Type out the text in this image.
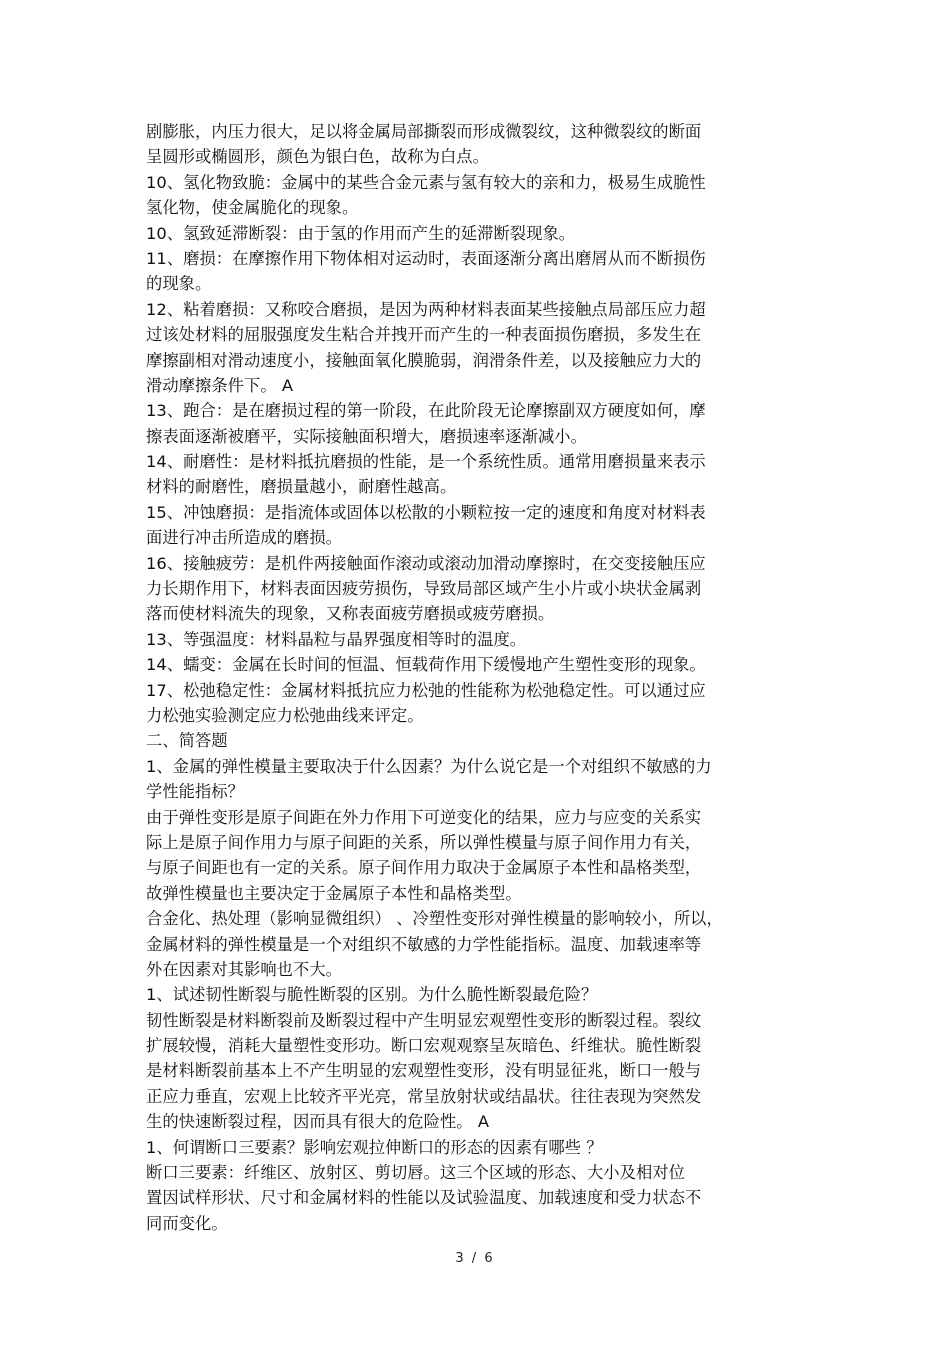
剧膨胀，内压力很大，足以将金属局部撕裂而形成微裂纹，这种微裂纹的断面
呈圆形或椭圆形，颜色为银白色，故称为白点。
10、氢化物致脆：金属中的某些合金元素与氢有较大的亲和力，极易生成脆性
氢化物，使金属脆化的现象。
10、氢致延滞断裂：由于氢的作用而产生的延滞断裂现象。
11、磨损：在摩擦作用下物体相对运动时，表面逐渐分离出磨屑从而不断损伤
的现象。
12、粘着磨损：又称咬合磨损，是因为两种材料表面某些接触点局部压应力超
过该处材料的屈服强度发生粘合并拽开而产生的一种表面损伤磨损，多发生在
摩擦副相对滑动速度小，接触面氧化膜脆弱，润滑条件差，以及接触应力大的
滑动摩擦条件下。 A
13、跑合：是在磨损过程的第一阶段，在此阶段无论摩擦副双方硬度如何，摩
擦表面逐渐被磨平，实际接触面积增大，磨损速率逐渐减小。
14、耐磨性：是材料抵抗磨损的性能，是一个系统性质。通常用磨损量来表示
材料的耐磨性，磨损量越小，耐磨性越高。
15、冲蚀磨损：是指流体或固体以松散的小颗粒按一定的速度和角度对材料表
面进行冲击所造成的磨损。
16、接触疲劳：是机件两接触面作滚动或滚动加滑动摩擦时，在交变接触压应
力长期作用下，材料表面因疲劳损伤，导致局部区域产生小片或小块状金属剥
落而使材料流失的现象，又称表面疲劳磨损或疲劳磨损。
13、等强温度：材料晶粒与晶界强度相等时的温度。
14、蠕变：金属在长时间的恒温、恒载荷作用下缓慢地产生塑性变形的现象。
17、松弛稳定性：金属材料抵抗应力松弛的性能称为松弛稳定性。可以通过应
力松弛实验测定应力松弛曲线来评定。
二、简答题
1、金属的弹性模量主要取决于什么因素？为什么说它是一个对组织不敏感的力
学性能指标？
由于弹性变形是原子间距在外力作用下可逆变化的结果，应力与应变的关系实
际上是原子间作用力与原子间距的关系，所以弹性模量与原子间作用力有关，
与原子间距也有一定的关系。原子间作用力取决于金属原子本性和晶格类型，
故弹性模量也主要决定于金属原子本性和晶格类型。
合金化、热处理（影响显微组织） 、冷塑性变形对弹性模量的影响较小，所以，
金属材料的弹性模量是一个对组织不敏感的力学性能指标。温度、加载速率等
外在因素对其影响也不大。
1、试述韧性断裂与脆性断裂的区别。为什么脆性断裂最危险？
韧性断裂是材料断裂前及断裂过程中产生明显宏观塑性变形的断裂过程。裂纹
扩展较慢，消耗大量塑性变形功。断口宏观观察呈灰暗色、纤维状。脆性断裂
是材料断裂前基本上不产生明显的宏观塑性变形，没有明显征兆，断口一般与
正应力垂直，宏观上比较齐平光亮，常呈放射状或结晶状。往往表现为突然发
生的快速断裂过程，因而具有很大的危险性。 A
1、何谓断口三要素？影响宏观拉伸断口的形态的因素有哪些 ？
断口三要素：纤维区、放射区、剪切唇。这三个区域的形态、大小及相对位
置因试样形状、尺寸和金属材料的性能以及试验温度、加载速度和受力状态不
同而变化。
3 / 6
